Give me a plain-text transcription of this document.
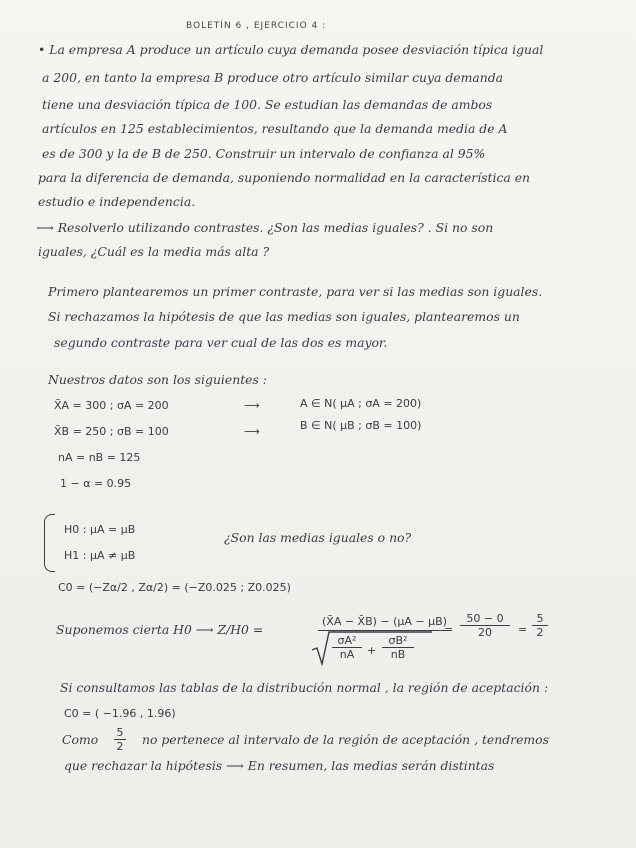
BOLETÍN 6 , EJERCICIO 4 :
• La empresa A produce un artículo cuya demanda posee desviación típica igual
a 200, en tanto la empresa B produce otro artículo similar cuya demanda
tiene una desviación típica de 100. Se estudian las demandas de ambos
artículos en 125 establecimientos, resultando que la demanda media de A
es de 300 y la de B de 250. Construir un intervalo de confianza al 95%
para la diferencia de demanda, suponiendo normalidad en la característica en
estudio e independencia.
⟶ Resolverlo utilizando contrastes. ¿Son las medias iguales? . Si no son
iguales, ¿Cuál es la media más alta ?
Primero plantearemos un primer contraste, para ver si las medias son iguales.
Si rechazamos la hipótesis de que las medias son iguales, plantearemos un
segundo contraste para ver cual de las dos es mayor.
Nuestros datos son los siguientes :
X̄A = 300 ; σA = 200	⟶	A ∈ N( μA ; σA = 200)
X̄B = 250 ; σB = 100	⟶	B ∈ N( μB ; σB = 100)
nA = nB = 125
1 − α = 0.95
H0 : μA = μB
H1 : μA ≠ μB
¿Son las medias iguales o no?
C0 = (−Zα/2 , Zα/2) = (−Z0.025 ; Z0.025)
Suponemos cierta H0 ⟶ Z/H0 =
(X̄A − X̄B) − (μA − μB)
$\frac{\text{σA²}}{nA} + \frac{\text{σB²}}{nB}$
= $\frac{50 - 0}{20} = \frac{5}{2}$
Si consultamos las tablas de la distribución normal , la región de aceptación :
C0 = ( −1.96 , 1.96)
Como $\frac{5}{2}$ no pertenece al intervalo de la región de aceptación , tendremos
que rechazar la hipótesis ⟶ En resumen, las medias serán distintas
